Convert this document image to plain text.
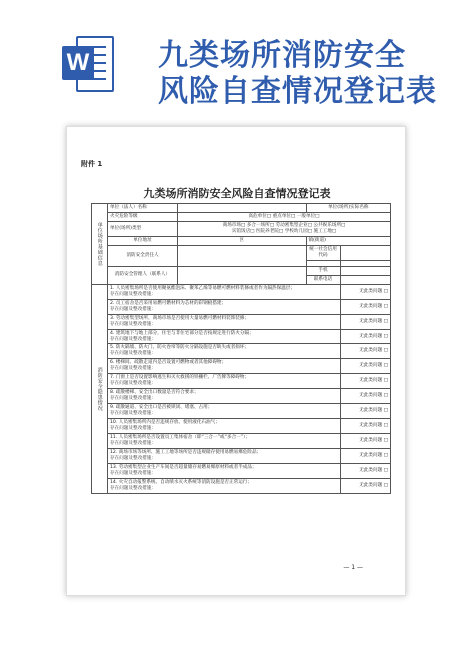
W 九类场所消防安全
风险自查情况登记表
附件 1
九类场所消防安全风险自查情况登记表
单位场所基础信息	单位（法人）名称		单位(场所)实际名称	
	火灾危险等级	高危单位□ 重点单位□ 一般单位□		
	单位(场所)类型	商场市场□ 多合一场所□ 劳动密集型企业□ 公共娱乐场所□
宾馆饭店□ 医院养老院□ 学校幼儿园□ 施工工地□		

	单位地址	区	镇(街道)	
	消防安全责任人		统一社会信用代码	

	消防安全管理人（联系人）		手机	
			联系电话	
消防安全隐患情况	1. 人员密集场所是否使用聚氨酯泡沫、聚苯乙烯等易燃可燃材料装修或者作为隔热保温层；
存在问题及整改措施：			无此类问题 □

	2. 员工宿舍是否采用易燃可燃材料为芯材的彩钢板搭建；
存在问题及整改措施：			无此类问题 □

	3. 劳动密集型场所、商场市场是否使用大量易燃可燃材料装饰装修；
存在问题及整改措施：			无此类问题 □

	4. 建筑地下与地上部分，住宅与非住宅部分是否按规定进行防火分隔；
存在问题及整改措施：			无此类问题 □

	5. 防火隔墙、防火门、防火卷帘等防火分隔设施是否缺失或者损坏；
存在问题及整改措施：			无此类问题 □

	6. 楼梯间、疏散走道内是否设置可燃物或者其他障碍物；
存在问题及整改措施：			无此类问题 □

	7. 门窗上是否设置影响逃生和灭火救援的铁栅栏、广告牌等障碍物；
存在问题及整改措施：			无此类问题 □

	8. 疏散楼梯、安全出口数量是否符合要求；
存在问题及整改措施：			无此类问题 □

	9. 疏散通道、安全出口是否被锁闭、堵塞、占用；
存在问题及整改措施：			无此类问题 □

	10. 人员密集场所内是否违规存放、使用液化石油气；
存在问题及整改措施：			无此类问题 □

	11. 人员密集场所是否设置员工集体宿舍（即“三合一”或“多合一”）；
存在问题及整改措施：			无此类问题 □

	12. 商场市场等场所、施工工地等场所是否违规储存使用易燃易爆危险品；
存在问题及整改措施：			无此类问题 □

	13. 劳动密集型企业生产车间是否超量储存易燃易爆原材料或者半成品；
存在问题及整改措施：			无此类问题 □

	14. 火灾自动报警系统、自动喷水灭火系统等消防设施是否正常运行；
存在问题及整改措施：			无此类问题 □
— 1 —
